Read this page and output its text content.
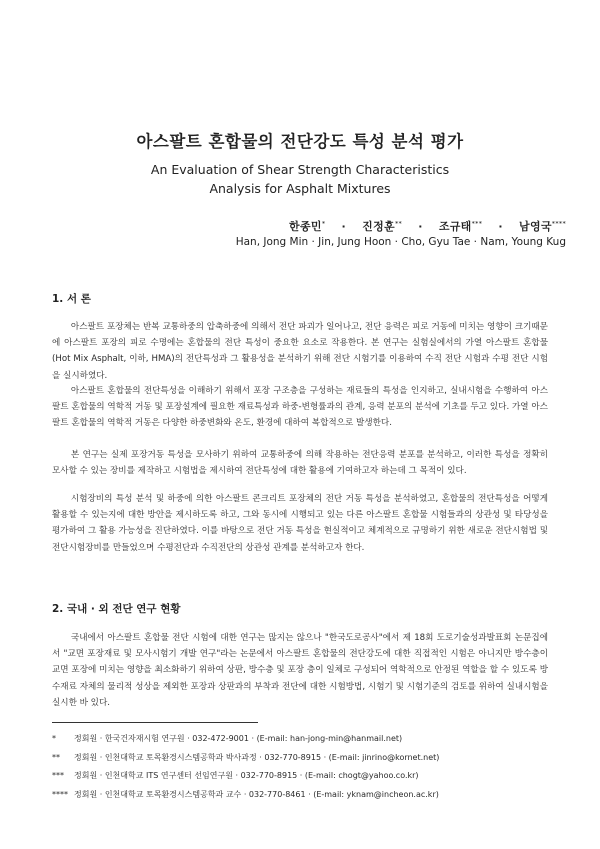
아스팔트 혼합물의 전단강도 특성 분석 평가
An Evaluation of Shear Strength Characteristics
Analysis for Asphalt Mixtures
한종민* · 진정훈** · 조규태*** · 남영국****
Han, Jong Min · Jin, Jung Hoon · Cho, Gyu Tae · Nam, Young Kug
1. 서 론

아스팔트 포장체는 반복 교통하중의 압축하중에 의해서 전단 파괴가 일어나고, 전단 응력은 피로 거동에 미치는 영향이 크기때문에 아스팔트 포장의 피로 수명에는 혼합물의 전단 특성이 중요한 요소로 작용한다. 본 연구는 실험실에서의 가열 아스팔트 혼합물(Hot Mix Asphalt, 이하, HMA)의 전단특성과 그 활용성을 분석하기 위해 전단 시험기를 이용하여 수직 전단 시험과 수평 전단 시험을 실시하였다.

아스팔트 혼합물의 전단특성을 이해하기 위해서 포장 구조층을 구성하는 재료들의 특성을 인지하고, 실내시험을 수행하여 아스팔트 혼합물의 역학적 거동 및 포장설계에 필요한 재료특성과 하중-변형률과의 관계, 응력 분포의 분석에 기초를 두고 있다. 가열 아스팔트 혼합물의 역학적 거동은 다양한 하중변화와 온도, 환경에 대하여 복합적으로 발생한다.

본 연구는 실제 포장거동 특성을 모사하기 위하여 교통하중에 의해 작용하는 전단응력 분포를 분석하고, 이러한 특성을 정확히 모사할 수 있는 장비를 제작하고 시험법을 제시하여 전단특성에 대한 활용에 기여하고자 하는데 그 목적이 있다.

시험장비의 특성 분석 및 하중에 의한 아스팔트 콘크리트 포장체의 전단 거동 특성을 분석하였고, 혼합물의 전단특성을 어떻게 활용할 수 있는지에 대한 방안을 제시하도록 하고, 그와 동시에 시행되고 있는 다른 아스팔트 혼합물 시험들과의 상관성 및 타당성을 평가하여 그 활용 가능성을 진단하였다. 이를 바탕으로 전단 거동 특성을 현실적이고 체계적으로 규명하기 위한 새로운 전단시험법 및 전단시험장비를 만들었으며 수평전단과 수직전단의 상관성 관계를 분석하고자 한다.

2. 국내 · 외 전단 연구 현황

국내에서 아스팔트 혼합물 전단 시험에 대한 연구는 많지는 않으나 "한국도로공사"에서 제 18회 도로기술성과발표회 논문집에서 "교면 포장재료 및 모사시험기 개발 연구"라는 논문에서 아스팔트 혼합물의 전단강도에 대한 직접적인 시험은 아니지만 방수층이 교면 포장에 미치는 영향을 최소화하기 위하여 상판, 방수층 및 포장 층이 일체로 구성되어 역학적으로 안정된 역할을 할 수 있도록 방수재료 자체의 물리적 성상을 제외한 포장과 상판과의 부착과 전단에 대한 시험방법, 시험기 및 시험기준의 검토를 위하여 실내시험을 실시한 바 있다.

* 정회원 · 한국건자재시험 연구원 · 032-472-9001 · (E-mail: han-jong-min@hanmail.net)
** 정회원 · 인천대학교 토목환경시스템공학과 박사과정 · 032-770-8915 · (E-mail: jinrino@kornet.net)
*** 정회원 · 인천대학교 ITS 연구센터 선임연구원 · 032-770-8915 · (E-mail: chogt@yahoo.co.kr)
**** 정회원 · 인천대학교 토목환경시스템공학과 교수 · 032-770-8461 · (E-mail: yknam@incheon.ac.kr)
